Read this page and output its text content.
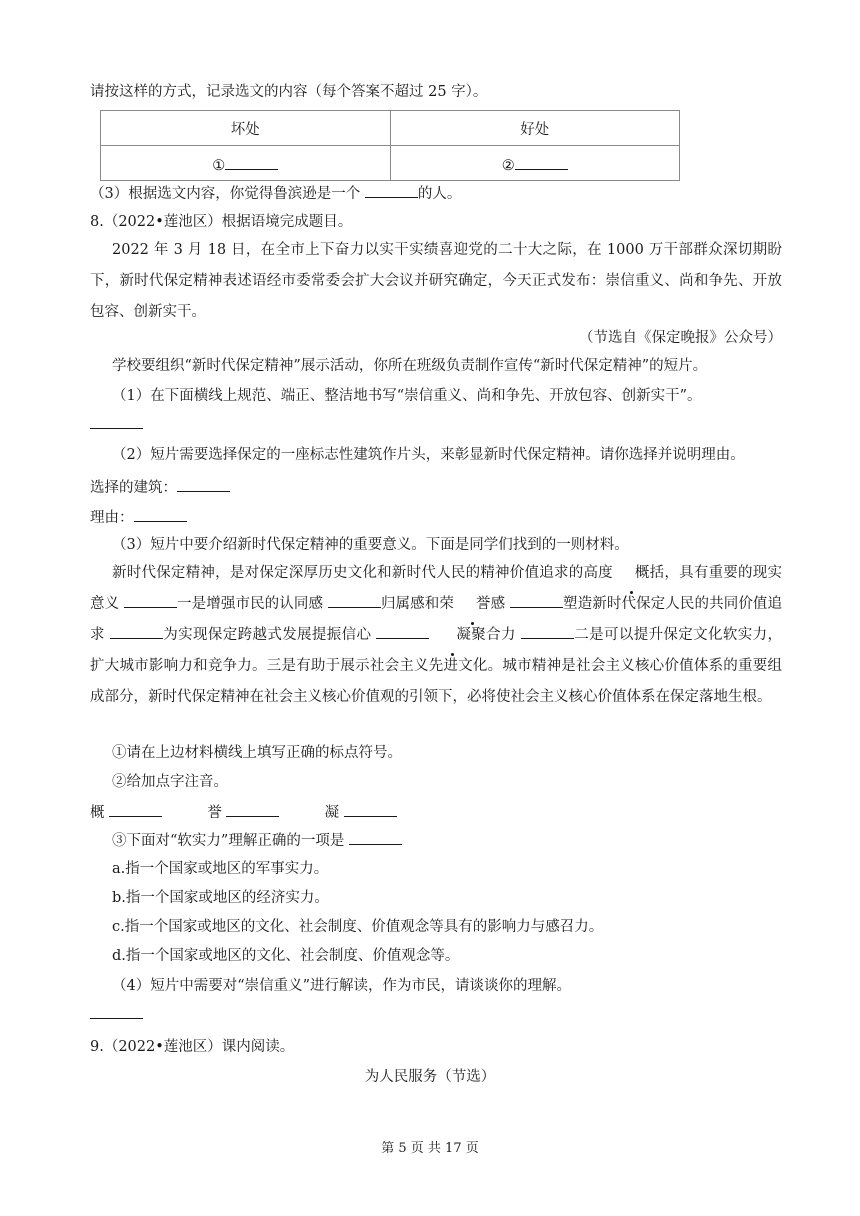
请按这样的方式，记录选文的内容（每个答案不超过 25 字）。
坏处	好处
①	②
（3）根据选文内容，你觉得鲁滨逊是一个	的人。
8.（2022•莲池区）根据语境完成题目。
2022 年 3 月 18 日，在全市上下奋力以实干实绩喜迎党的二十大之际，在 1000 万干部群众深切期盼下，新时代保定精神表述语经市委常委会扩大会议并研究确定，今天正式发布：崇信重义、尚和争先、开放包容、创新实干。
（节选自《保定晚报》公众号）
学校要组织“新时代保定精神”展示活动，你所在班级负责制作宣传“新时代保定精神”的短片。
（1）在下面横线上规范、端正、整洁地书写“崇信重义、尚和争先、开放包容、创新实干”。
（2）短片需要选择保定的一座标志性建筑作片头，来彰显新时代保定精神。请你选择并说明理由。
选择的建筑：
理由：
（3）短片中要介绍新时代保定精神的重要意义。下面是同学们找到的一则材料。
新时代保定精神，是对保定深厚历史文化和新时代人民的精神价值追求的高度 概括，具有重要的现实意义	一是增强市民的认同感	归属感和荣 誉感	塑造新时代保定人民的共同价值追求	为实现保定跨越式发展提振信心	凝聚合力	二是可以提升保定文化软实力，扩大城市影响力和竞争力。三是有助于展示社会主义先进文化。城市精神是社会主义核心价值体系的重要组成部分，新时代保定精神在社会主义核心价值观的引领下，必将使社会主义核心价值体系在保定落地生根。
①请在上边材料横线上填写正确的标点符号。
②给加点字注音。
概	誉	凝
③下面对“软实力”理解正确的一项是
a.指一个国家或地区的军事实力。
b.指一个国家或地区的经济实力。
c.指一个国家或地区的文化、社会制度、价值观念等具有的影响力与感召力。
d.指一个国家或地区的文化、社会制度、价值观念等。
（4）短片中需要对“崇信重义”进行解读，作为市民，请谈谈你的理解。
9.（2022•莲池区）课内阅读。
为人民服务（节选）
第 5 页 共 17 页
